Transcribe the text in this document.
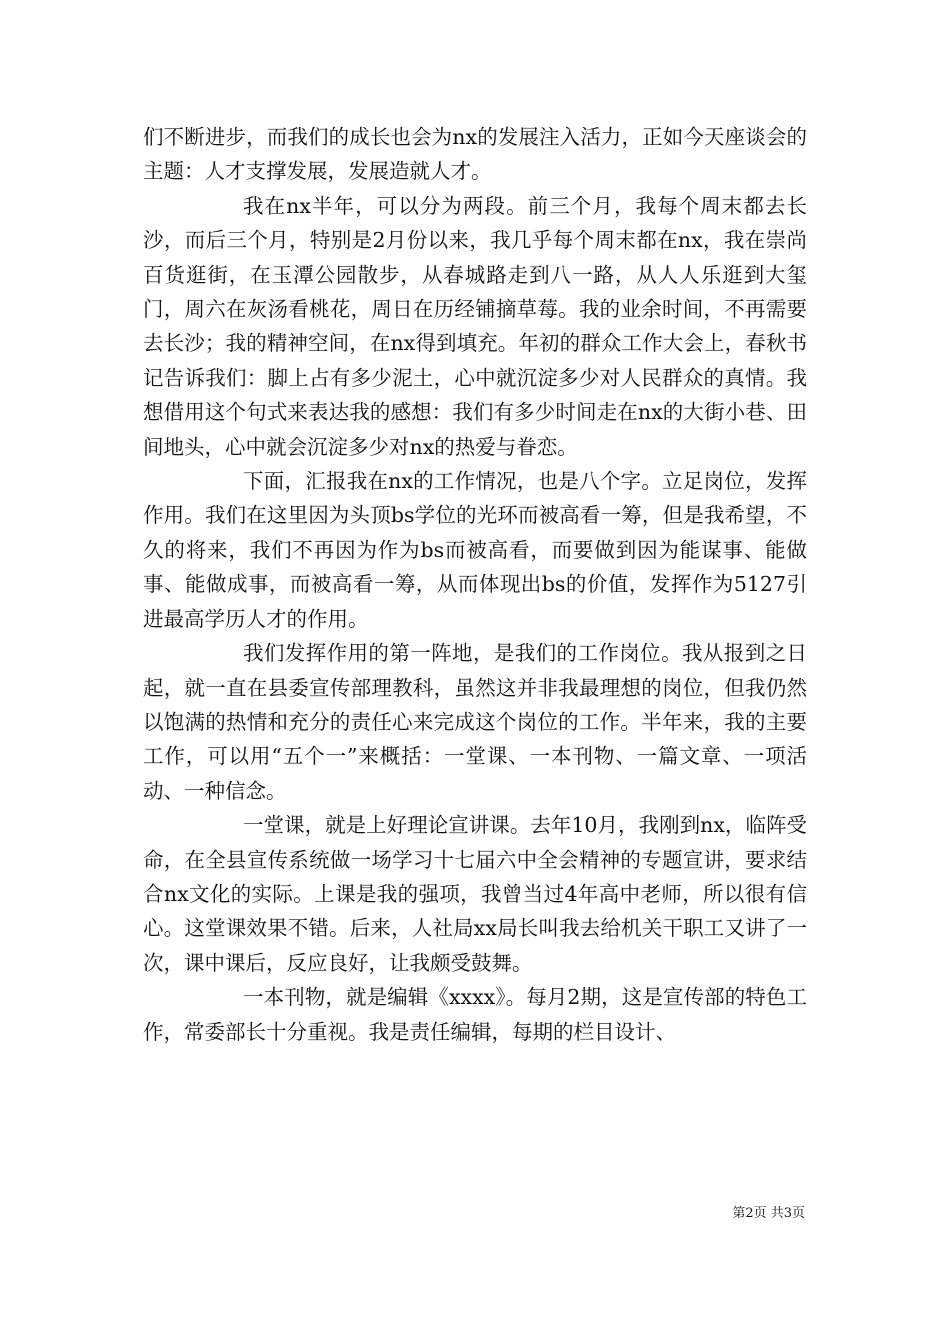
们不断进步，而我们的成长也会为nx的发展注入活力，正如今天座谈会的主题：人才支撑发展，发展造就人才。

我在nx半年，可以分为两段。前三个月，我每个周末都去长沙，而后三个月，特别是2月份以来，我几乎每个周末都在nx，我在崇尚百货逛街，在玉潭公园散步，从春城路走到八一路，从人人乐逛到大玺门，周六在灰汤看桃花，周日在历经铺摘草莓。我的业余时间，不再需要去长沙；我的精神空间，在nx得到填充。年初的群众工作大会上，春秋书记告诉我们：脚上占有多少泥土，心中就沉淀多少对人民群众的真情。我想借用这个句式来表达我的感想：我们有多少时间走在nx的大街小巷、田间地头，心中就会沉淀多少对nx的热爱与眷恋。

下面，汇报我在nx的工作情况，也是八个字。立足岗位，发挥作用。我们在这里因为头顶bs学位的光环而被高看一筹，但是我希望，不久的将来，我们不再因为作为bs而被高看，而要做到因为能谋事、能做事、能做成事，而被高看一筹，从而体现出bs的价值，发挥作为5127引进最高学历人才的作用。

我们发挥作用的第一阵地，是我们的工作岗位。我从报到之日起，就一直在县委宣传部理教科，虽然这并非我最理想的岗位，但我仍然以饱满的热情和充分的责任心来完成这个岗位的工作。半年来，我的主要工作，可以用“五个一”来概括：一堂课、一本刊物、一篇文章、一项活动、一种信念。

一堂课，就是上好理论宣讲课。去年10月，我刚到nx，临阵受命，在全县宣传系统做一场学习十七届六中全会精神的专题宣讲，要求结合nx文化的实际。上课是我的强项，我曾当过4年高中老师，所以很有信心。这堂课效果不错。后来，人社局xx局长叫我去给机关干职工又讲了一次，课中课后，反应良好，让我颇受鼓舞。

一本刊物，就是编辑《xxxx》。每月2期，这是宣传部的特色工作，常委部长十分重视。我是责任编辑，每期的栏目设计、

第2页 共3页
